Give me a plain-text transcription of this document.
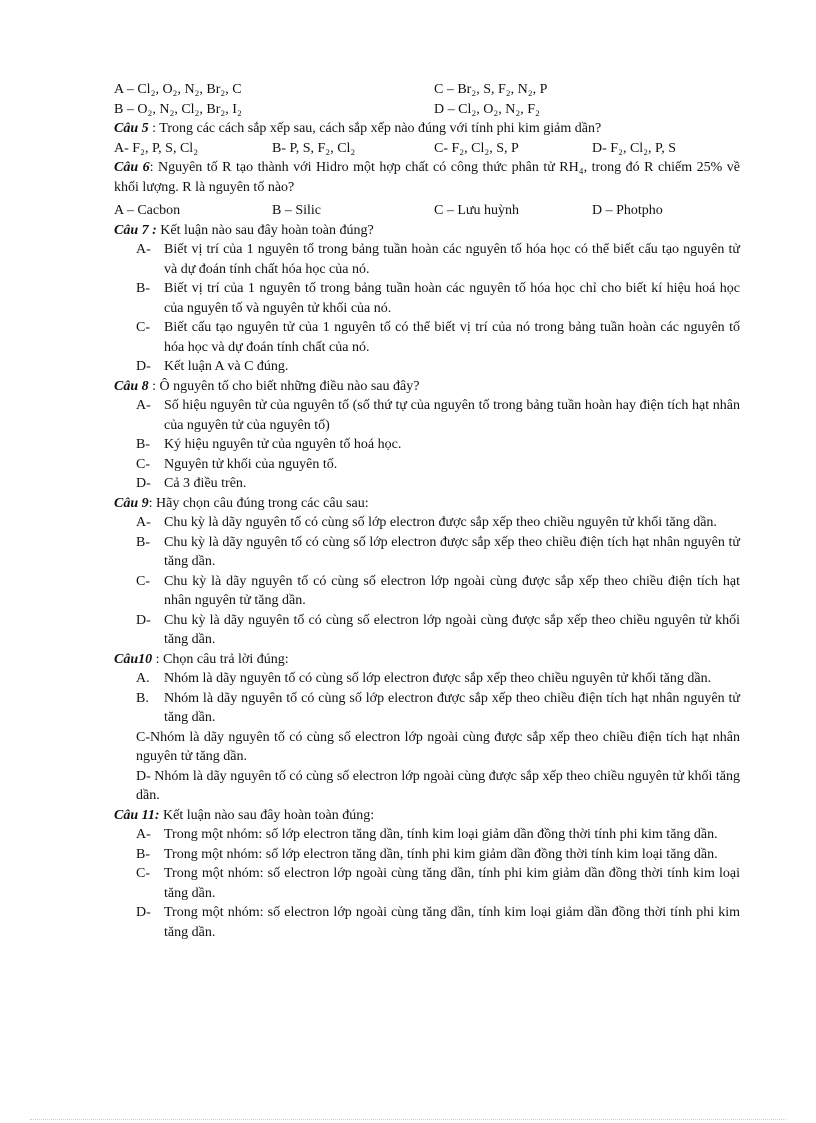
A – Cl₂, O₂, N₂, Br₂, C	C – Br₂, S, F₂, N₂, P
B – O₂, N₂, Cl₂, Br₂, I₂	D – Cl₂, O₂, N₂, F₂
Câu 5 : Trong các cách sắp xếp sau, cách sắp xếp nào đúng với tính phi kim giảm dần?
A- F₂, P, S, Cl₂	B- P, S, F₂, Cl₂	C- F₂, Cl₂, S, P	D- F₂, Cl₂, P, S
Câu 6: Nguyên tố R tạo thành với Hidro một hợp chất có công thức phân tử RH₄, trong đó R chiếm 25% về khối lượng. R là nguyên tố nào?
A – Cacbon	B – Silic	C – Lưu huỳnh	D – Photpho
Câu 7 : Kết luận nào sau đây hoàn toàn đúng?
A- Biết vị trí của 1 nguyên tố trong bảng tuần hoàn các nguyên tố hóa học có thể biết cấu tạo nguyên tử và dự đoán tính chất hóa học của nó.
B- Biết vị trí của 1 nguyên tố trong bảng tuần hoàn các nguyên tố hóa học chỉ cho biết kí hiệu hoá học của nguyên tố và nguyên tử khối của nó.
C- Biết cấu tạo nguyên tử của 1 nguyên tố có thể biết vị trí của nó trong bảng tuần hoàn các nguyên tố hóa học và dự đoán tính chất của nó.
D- Kết luận A và C đúng.
Câu 8 : Ô nguyên tố cho biết những điều nào sau đây?
A- Số hiệu nguyên tử của nguyên tố (số thứ tự của nguyên tố trong bảng tuần hoàn hay điện tích hạt nhân của nguyên tử của nguyên tố)
B- Ký hiệu nguyên tử của nguyên tố hoá học.
C- Nguyên tử khối của nguyên tố.
D- Cả 3 điều trên.
Câu 9: Hãy chọn câu đúng trong các câu sau:
A- Chu kỳ là dãy nguyên tố có cùng số lớp electron được sắp xếp theo chiều nguyên tử khối tăng dần.
B- Chu kỳ là dãy nguyên tố có cùng số lớp electron được sắp xếp theo chiều điện tích hạt nhân nguyên tử tăng dần.
C- Chu kỳ là dãy nguyên tố có cùng số electron lớp ngoài cùng được sắp xếp theo chiều điện tích hạt nhân nguyên tử tăng dần.
D- Chu kỳ là dãy nguyên tố có cùng số electron lớp ngoài cùng được sắp xếp theo chiều nguyên tử khối tăng dần.
Câu10 : Chọn câu trả lời đúng:
A. Nhóm là dãy nguyên tố có cùng số lớp electron được sắp xếp theo chiều nguyên tử khối tăng dần.
B. Nhóm là dãy nguyên tố có cùng số lớp electron được sắp xếp theo chiều điện tích hạt nhân nguyên tử tăng dần.
C-Nhóm là dãy nguyên tố có cùng số electron lớp ngoài cùng được sắp xếp theo chiều điện tích hạt nhân nguyên tử tăng dần.
D- Nhóm là dãy nguyên tố có cùng số electron lớp ngoài cùng được sắp xếp theo chiều nguyên tử khối tăng dần.
Câu 11: Kết luận nào sau đây hoàn toàn đúng:
A- Trong một nhóm: số lớp electron tăng dần, tính kim loại giảm dần đồng thời tính phi kim tăng dần.
B- Trong một nhóm: số lớp electron tăng dần, tính phi kim giảm dần đồng thời tính kim loại tăng dần.
C- Trong một nhóm: số electron lớp ngoài cùng tăng dần, tính phi kim giảm dần đồng thời tính kim loại tăng dần.
D- Trong một nhóm: số electron lớp ngoài cùng tăng dần, tính kim loại giảm dần đồng thời tính phi kim tăng dần.
